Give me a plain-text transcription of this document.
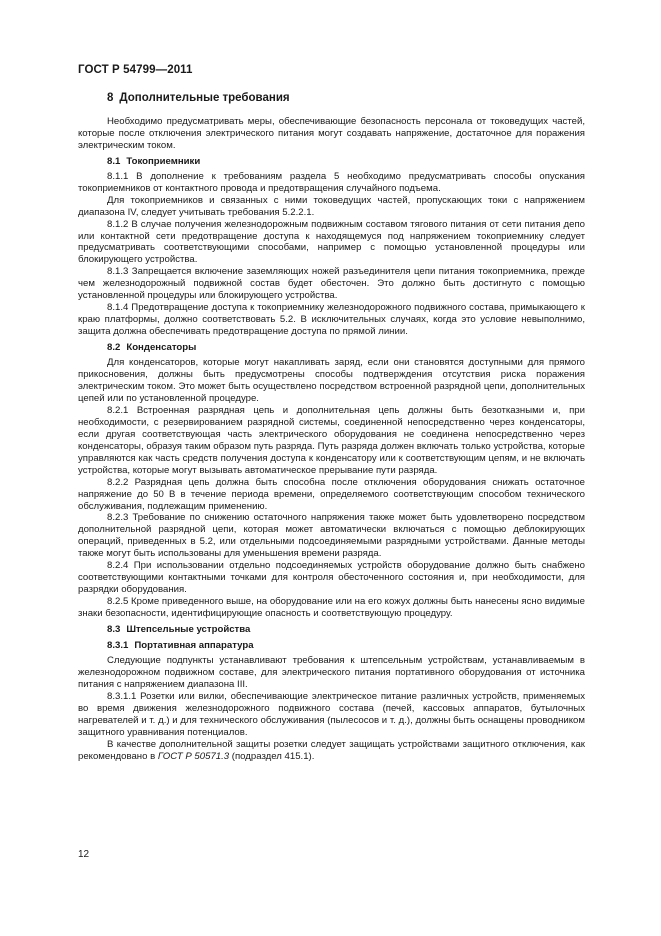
ГОСТ Р 54799—2011
8 Дополнительные требования

Необходимо предусматривать меры, обеспечивающие безопасность персонала от токоведущих частей, которые после отключения электрического питания могут создавать напряжение, достаточное для поражения электрическим током.

8.1 Токоприемники

8.1.1 В дополнение к требованиям раздела 5 необходимо предусматривать способы опускания токоприемников от контактного провода и предотвращения случайного подъема.

Для токоприемников и связанных с ними токоведущих частей, пропускающих токи с напряжением диапазона IV, следует учитывать требования 5.2.2.1.

8.1.2 В случае получения железнодорожным подвижным составом тягового питания от сети питания депо или контактной сети предотвращение доступа к находящемуся под напряжением токоприемнику следует предусматривать соответствующими способами, например с помощью установленной процедуры или блокирующего устройства.

8.1.3 Запрещается включение заземляющих ножей разъединителя цепи питания токоприемника, прежде чем железнодорожный подвижной состав будет обесточен. Это должно быть достигнуто с помощью установленной процедуры или блокирующего устройства.

8.1.4 Предотвращение доступа к токоприемнику железнодорожного подвижного состава, примыкающего к краю платформы, должно соответствовать 5.2. В исключительных случаях, когда это условие невыполнимо, защита должна обеспечивать предотвращение доступа по прямой линии.

8.2 Конденсаторы

Для конденсаторов, которые могут накапливать заряд, если они становятся доступными для прямого прикосновения, должны быть предусмотрены способы подтверждения отсутствия риска поражения электрическим током. Это может быть осуществлено посредством встроенной разрядной цепи, дополнительных цепей или по установленной процедуре.

8.2.1 Встроенная разрядная цепь и дополнительная цепь должны быть безотказными и, при необходимости, с резервированием разрядной системы, соединенной непосредственно через конденсаторы, если другая соответствующая часть электрического оборудования не соединена непосредственно через конденсаторы, образуя таким образом путь разряда. Путь разряда должен включать только устройства, которые управляются как часть средств получения доступа к конденсатору или к соответствующим цепям, и не включать устройства, которые могут вызывать автоматическое прерывание пути разряда.

8.2.2 Разрядная цепь должна быть способна после отключения оборудования снижать остаточное напряжение до 50 В в течение периода времени, определяемого соответствующим способом технического обслуживания, подлежащим применению.

8.2.3 Требование по снижению остаточного напряжения также может быть удовлетворено посредством дополнительной разрядной цепи, которая может автоматически включаться с помощью деблокирующих операций, приведенных в 5.2, или отдельными подсоединяемыми разрядными устройствами. Данные методы также могут быть использованы для уменьшения времени разряда.

8.2.4 При использовании отдельно подсоединяемых устройств оборудование должно быть снабжено соответствующими контактными точками для контроля обесточенного состояния и, при необходимости, для разрядки оборудования.

8.2.5 Кроме приведенного выше, на оборудование или на его кожух должны быть нанесены ясно видимые знаки безопасности, идентифицирующие опасность и соответствующую процедуру.

8.3 Штепсельные устройства
8.3.1 Портативная аппаратура

Следующие подпункты устанавливают требования к штепсельным устройствам, устанавливаемым в железнодорожном подвижном составе, для электрического питания портативного оборудования от источника питания с напряжением диапазона III.

8.3.1.1 Розетки или вилки, обеспечивающие электрическое питание различных устройств, применяемых во время движения железнодорожного подвижного состава (печей, кассовых аппаратов, бутылочных нагревателей и т. д.) и для технического обслуживания (пылесосов и т. д.), должны быть оснащены проводником защитного уравнивания потенциалов.

В качестве дополнительной защиты розетки следует защищать устройствами защитного отключения, как рекомендовано в ГОСТ Р 50571.3 (подраздел 415.1).

12
